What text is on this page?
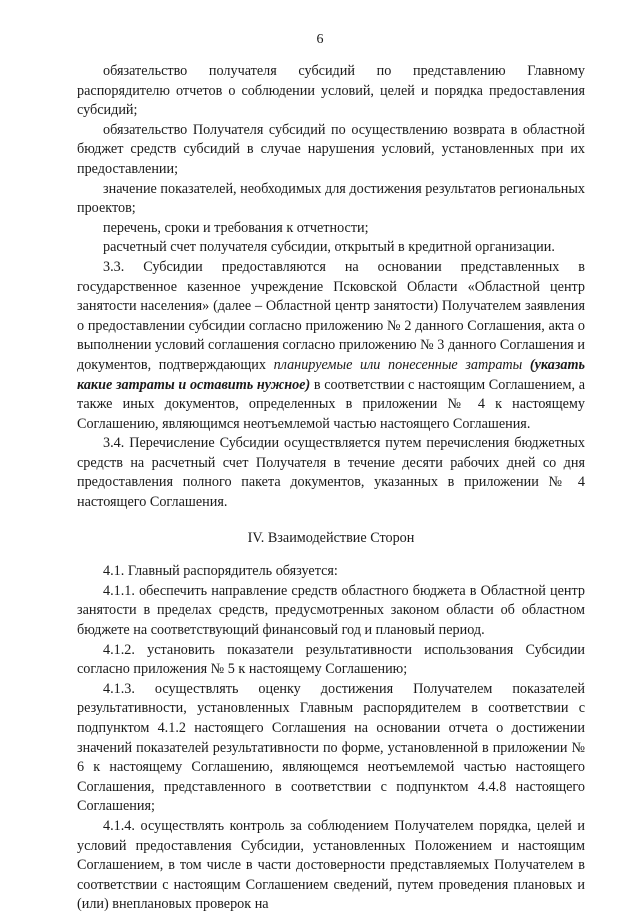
6

обязательство получателя субсидий по представлению Главному распорядителю отчетов о соблюдении условий, целей и порядка предоставления субсидий;

обязательство Получателя субсидий по осуществлению возврата в областной бюджет средств субсидий в случае нарушения условий, установленных при их предоставлении;

значение показателей, необходимых для достижения результатов региональных проектов;

перечень, сроки и требования к отчетности;

расчетный счет получателя субсидии, открытый в кредитной организации.

3.3. Субсидии предоставляются на основании представленных в государственное казенное учреждение Псковской Области «Областной центр занятости населения» (далее – Областной центр занятости) Получателем заявления о предоставлении субсидии согласно приложению № 2 данного Соглашения, акта о выполнении условий соглашения согласно приложению № 3 данного Соглашения и документов, подтверждающих планируемые или понесенные затраты (указать какие затраты и оставить нужное) в соответствии с настоящим Соглашением, а также иных документов, определенных в приложении № 4 к настоящему Соглашению, являющимся неотъемлемой частью настоящего Соглашения.

3.4. Перечисление Субсидии осуществляется путем перечисления бюджетных средств на расчетный счет Получателя в течение десяти рабочих дней со дня предоставления полного пакета документов, указанных в приложении № 4 настоящего Соглашения.

IV. Взаимодействие Сторон

4.1. Главный распорядитель обязуется:

4.1.1. обеспечить направление средств областного бюджета в Областной центр занятости в пределах средств, предусмотренных законом области об областном бюджете на соответствующий финансовый год и плановый период.

4.1.2. установить показатели результативности использования Субсидии согласно приложения № 5 к настоящему Соглашению;

4.1.3. осуществлять оценку достижения Получателем показателей результативности, установленных Главным распорядителем в соответствии с подпунктом 4.1.2 настоящего Соглашения на основании отчета о достижении значений показателей результативности по форме, установленной в приложении № 6 к настоящему Соглашению, являющемся неотъемлемой частью настоящего Соглашения, представленного в соответствии с подпунктом 4.4.8 настоящего Соглашения;

4.1.4. осуществлять контроль за соблюдением Получателем порядка, целей и условий предоставления Субсидии, установленных Положением и настоящим Соглашением, в том числе в части достоверности представляемых Получателем в соответствии с настоящим Соглашением сведений, путем проведения плановых и (или) внеплановых проверок на
